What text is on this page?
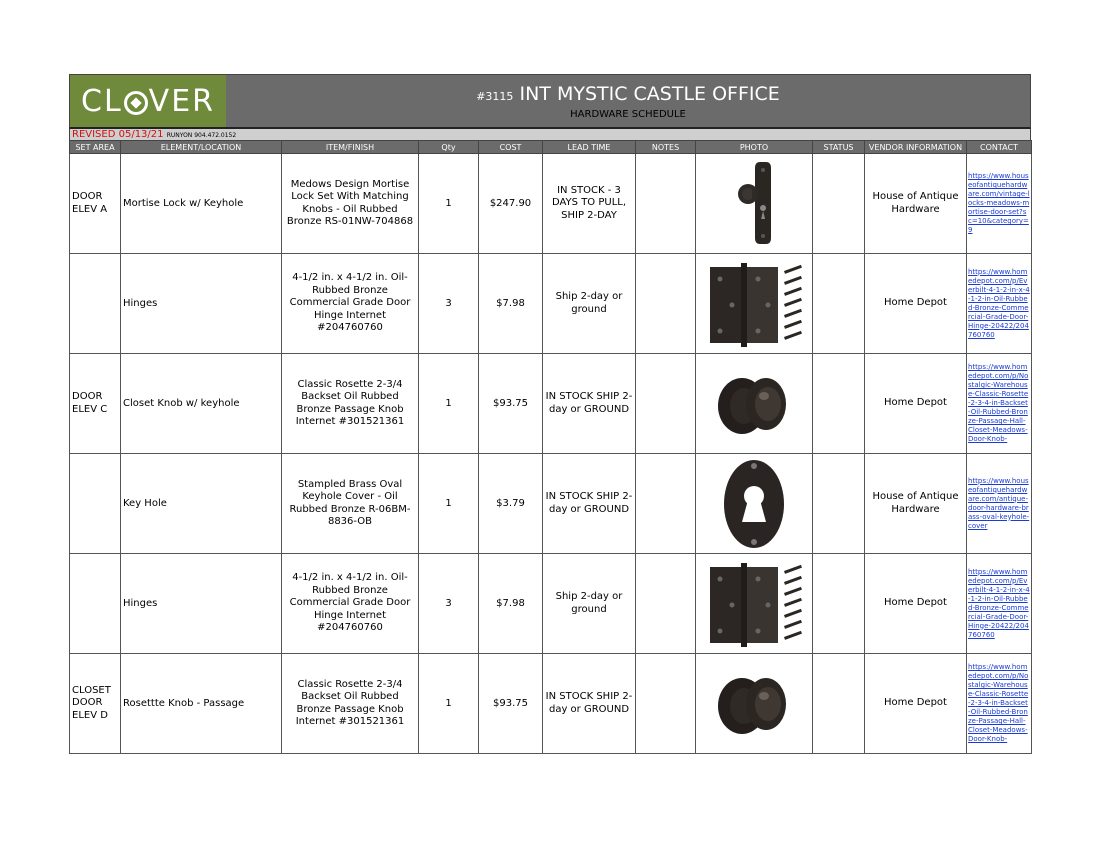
CL VER	#3115 INT MYSTIC CASTLE OFFICE
HARDWARE SCHEDULE
REVISED 05/13/21 RUNYON 904.472.0152
SET AREA	ELEMENT/LOCATION	ITEM/FINISH	Qty	COST	LEAD TIME	NOTES	PHOTO	STATUS	VENDOR INFORMATION	CONTACT
DOOR ELEV A	Mortise Lock w/ Keyhole	Medows Design Mortise Lock Set With Matching Knobs - Oil Rubbed Bronze RS-01NW-704868	1	$247.90	IN STOCK - 3 DAYS TO PULL, SHIP 2-DAY				House of Antique Hardware	https://www.houseofantiquehardware.com/vintage-locks-meadows-mortise-door-set?sc=10&category=9
	Hinges	4-1/2 in. x 4-1/2 in. Oil-Rubbed Bronze Commercial Grade Door Hinge Internet #204760760	3	$7.98	Ship 2-day or ground				Home Depot	https://www.homedepot.com/p/Everbilt-4-1-2-in-x-4-1-2-in-Oil-Rubbed-Bronze-Commercial-Grade-Door-Hinge-20422/204760760
DOOR ELEV C	Closet Knob w/ keyhole	Classic Rosette 2-3/4 Backset Oil Rubbed Bronze Passage Knob Internet #301521361	1	$93.75	IN STOCK SHIP 2-day or GROUND				Home Depot	https://www.homedepot.com/p/Nostalgic-Warehouse-Classic-Rosette-2-3-4-in-Backset-Oil-Rubbed-Bronze-Passage-Hall-Closet-Meadows-Door-Knob-
	Key Hole	Stampled Brass Oval Keyhole Cover - Oil Rubbed Bronze R-06BM-8836-OB	1	$3.79	IN STOCK SHIP 2-day or GROUND				House of Antique Hardware	https://www.houseofantiquehardware.com/antique-door-hardware-brass-oval-keyhole-cover
	Hinges	4-1/2 in. x 4-1/2 in. Oil-Rubbed Bronze Commercial Grade Door Hinge Internet #204760760	3	$7.98	Ship 2-day or ground				Home Depot	https://www.homedepot.com/p/Everbilt-4-1-2-in-x-4-1-2-in-Oil-Rubbed-Bronze-Commercial-Grade-Door-Hinge-20422/204760760
CLOSET DOOR ELEV D	Rosettte Knob - Passage	Classic Rosette 2-3/4 Backset Oil Rubbed Bronze Passage Knob Internet #301521361	1	$93.75	IN STOCK SHIP 2-day or GROUND				Home Depot	https://www.homedepot.com/p/Nostalgic-Warehouse-Classic-Rosette-2-3-4-in-Backset-Oil-Rubbed-Bronze-Passage-Hall-Closet-Meadows-Door-Knob-
